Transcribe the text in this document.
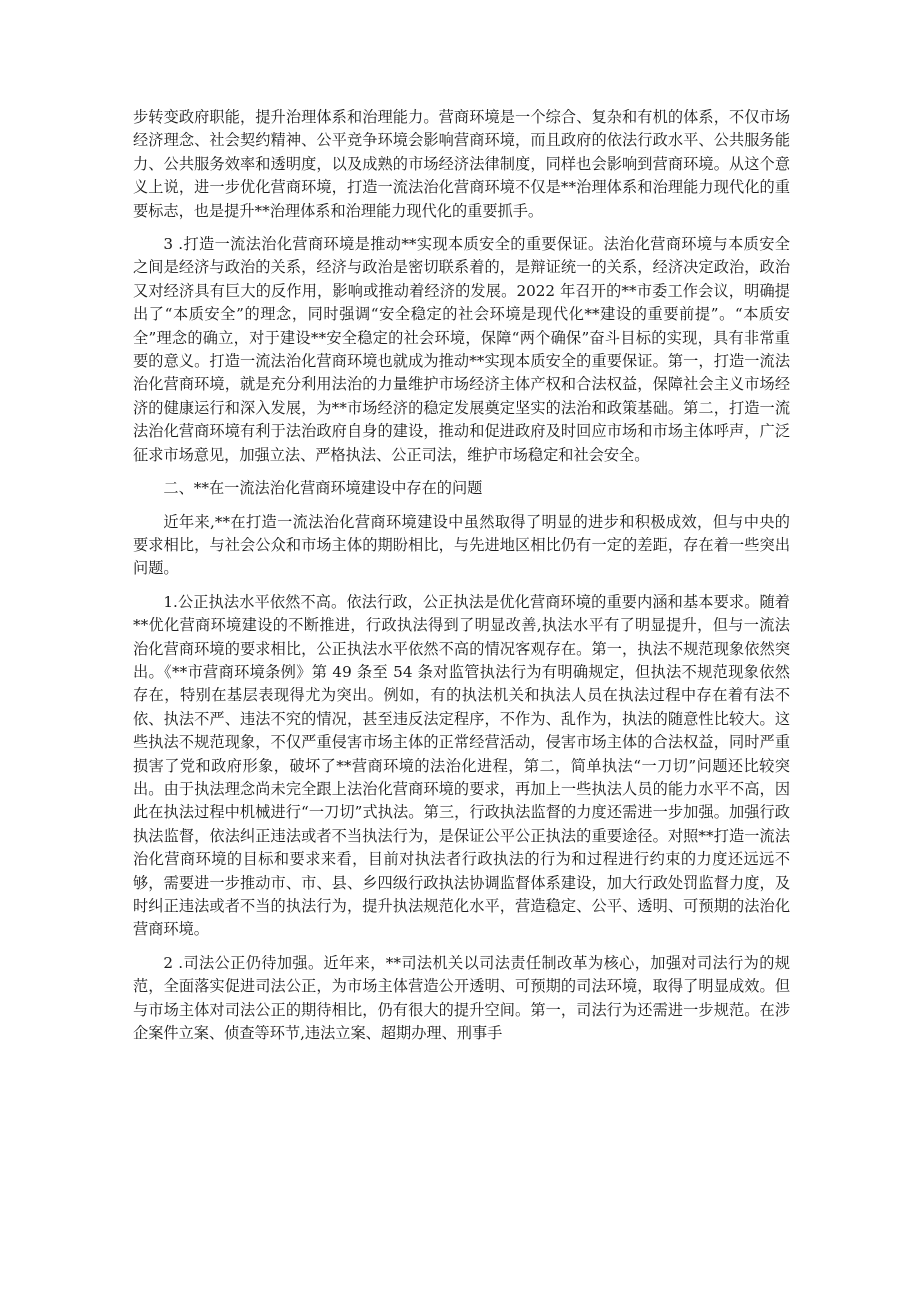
步转变政府职能，提升治理体系和治理能力。营商环境是一个综合、复杂和有机的体系，不仅市场经济理念、社会契约精神、公平竞争环境会影响营商环境，而且政府的依法行政水平、公共服务能力、公共服务效率和透明度，以及成熟的市场经济法律制度，同样也会影响到营商环境。从这个意义上说，进一步优化营商环境，打造一流法治化营商环境不仅是**治理体系和治理能力现代化的重要标志，也是提升**治理体系和治理能力现代化的重要抓手。

3 .打造一流法治化营商环境是推动**实现本质安全的重要保证。法治化营商环境与本质安全之间是经济与政治的关系，经济与政治是密切联系着的，是辩证统一的关系，经济决定政治，政治又对经济具有巨大的反作用，影响或推动着经济的发展。2022 年召开的**市委工作会议，明确提出了“本质安全”的理念，同时强调“安全稳定的社会环境是现代化**建设的重要前提”。“本质安全”理念的确立，对于建设**安全稳定的社会环境，保障“两个确保”奋斗目标的实现，具有非常重要的意义。打造一流法治化营商环境也就成为推动**实现本质安全的重要保证。第一，打造一流法治化营商环境，就是充分利用法治的力量维护市场经济主体产权和合法权益，保障社会主义市场经济的健康运行和深入发展，为**市场经济的稳定发展奠定坚实的法治和政策基础。第二，打造一流法治化营商环境有利于法治政府自身的建设，推动和促进政府及时回应市场和市场主体呼声，广泛征求市场意见，加强立法、严格执法、公正司法，维护市场稳定和社会安全。

二、**在一流法治化营商环境建设中存在的问题

近年来,**在打造一流法治化营商环境建设中虽然取得了明显的进步和积极成效，但与中央的要求相比，与社会公众和市场主体的期盼相比，与先进地区相比仍有一定的差距，存在着一些突出问题。

1.公正执法水平依然不高。依法行政，公正执法是优化营商环境的重要内涵和基本要求。随着**优化营商环境建设的不断推进，行政执法得到了明显改善,执法水平有了明显提升，但与一流法治化营商环境的要求相比，公正执法水平依然不高的情况客观存在。第一，执法不规范现象依然突出。《**市营商环境条例》第 49 条至 54 条对监管执法行为有明确规定，但执法不规范现象依然存在，特别在基层表现得尤为突出。例如，有的执法机关和执法人员在执法过程中存在着有法不依、执法不严、违法不究的情况，甚至违反法定程序，不作为、乱作为，执法的随意性比较大。这些执法不规范现象，不仅严重侵害市场主体的正常经营活动，侵害市场主体的合法权益，同时严重损害了党和政府形象，破坏了**营商环境的法治化进程，第二，简单执法“一刀切”问题还比较突出。由于执法理念尚未完全跟上法治化营商环境的要求，再加上一些执法人员的能力水平不高，因此在执法过程中机械进行“一刀切”式执法。第三，行政执法监督的力度还需进一步加强。加强行政执法监督，依法纠正违法或者不当执法行为，是保证公平公正执法的重要途径。对照**打造一流法治化营商环境的目标和要求来看，目前对执法者行政执法的行为和过程进行约束的力度还远远不够，需要进一步推动市、市、县、乡四级行政执法协调监督体系建设，加大行政处罚监督力度，及时纠正违法或者不当的执法行为，提升执法规范化水平，营造稳定、公平、透明、可预期的法治化营商环境。

2 .司法公正仍待加强。近年来，**司法机关以司法责任制改革为核心，加强对司法行为的规范，全面落实促进司法公正，为市场主体营造公开透明、可预期的司法环境，取得了明显成效。但与市场主体对司法公正的期待相比，仍有很大的提升空间。第一，司法行为还需进一步规范。在涉企案件立案、侦查等环节,违法立案、超期办理、刑事手
